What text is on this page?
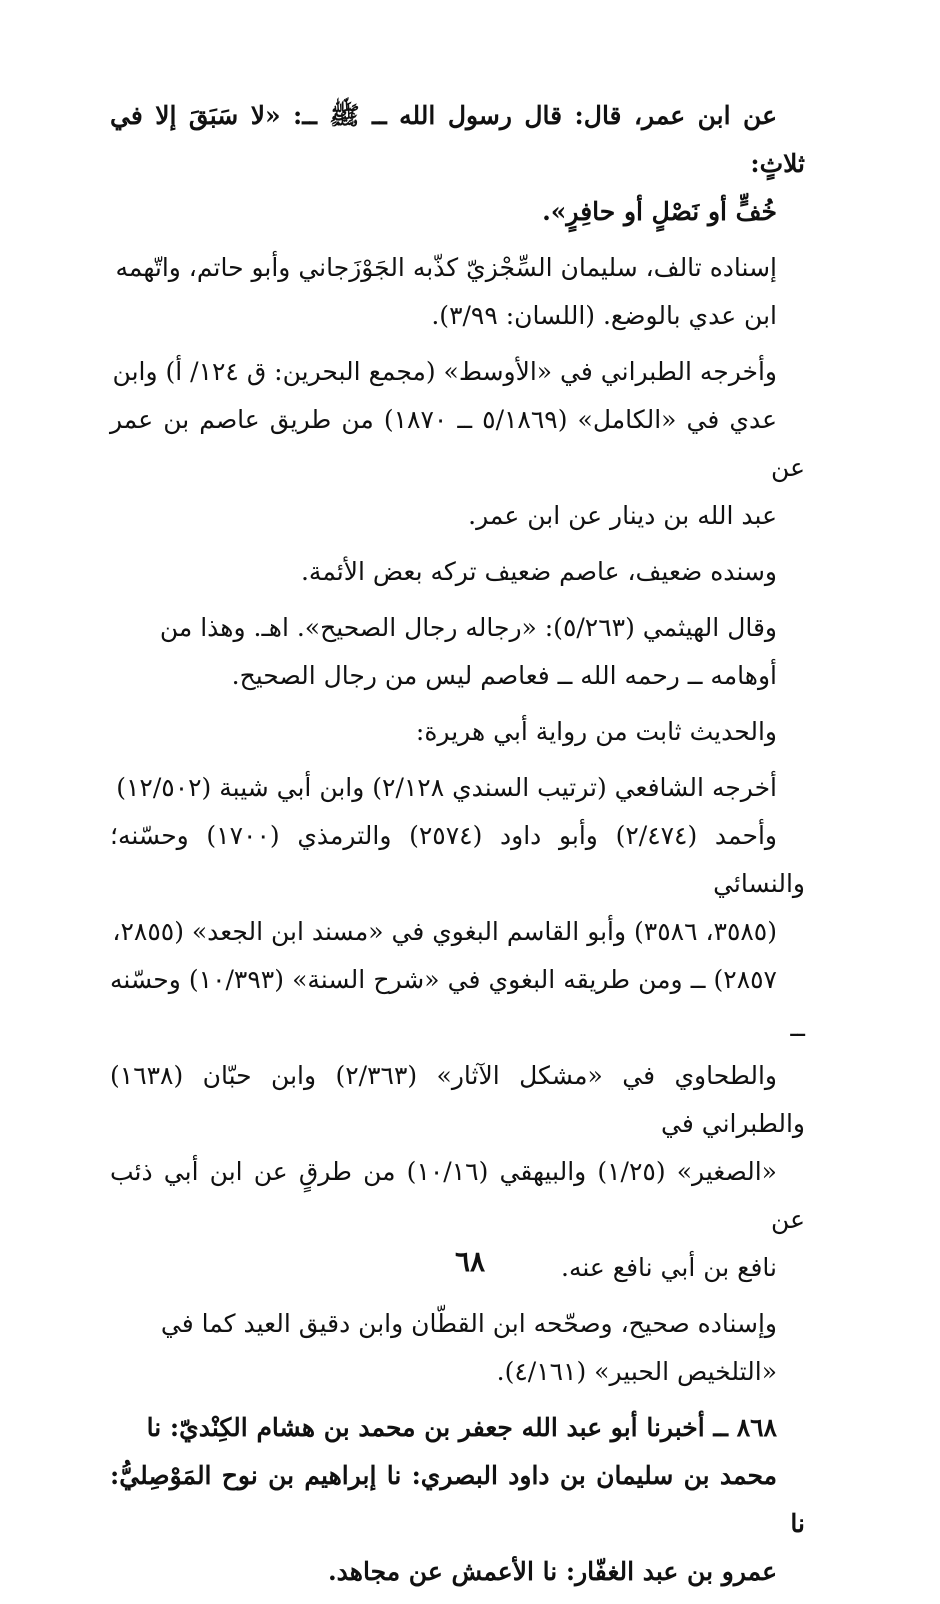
عن ابن عمر، قال: قال رسول الله ــ ﷺ ــ: «لا سَبَقَ إلا في ثلاثٍ:
خُفٍّ أو نَصْلٍ أو حافِرٍ».

إسناده تالف، سليمان السِّجْزيّ كذّبه الجَوْزَجاني وأبو حاتم، واتّهمه
ابن عدي بالوضع. (اللسان: ٣/٩٩).

وأخرجه الطبراني في «الأوسط» (مجمع البحرين: ق ١٢٤/ أ) وابن
عدي في «الكامل» (٥/١٨٦٩ ــ ١٨٧٠) من طريق عاصم بن عمر عن
عبد الله بن دينار عن ابن عمر.

وسنده ضعيف، عاصم ضعيف تركه بعض الأئمة.

وقال الهيثمي (٥/٢٦٣): «رجاله رجال الصحيح». اهـ. وهذا من
أوهامه ــ رحمه الله ــ فعاصم ليس من رجال الصحيح.

والحديث ثابت من رواية أبي هريرة:

أخرجه الشافعي (ترتيب السندي ٢/١٢٨) وابن أبي شيبة (١٢/٥٠٢)
وأحمد (٢/٤٧٤) وأبو داود (٢٥٧٤) والترمذي (١٧٠٠) وحسّنه؛ والنسائي
(٣٥٨٥، ٣٥٨٦) وأبو القاسم البغوي في «مسند ابن الجعد» (٢٨٥٥،
٢٨٥٧) ــ ومن طريقه البغوي في «شرح السنة» (١٠/٣٩٣) وحسّنه ــ
والطحاوي في «مشكل الآثار» (٢/٣٦٣) وابن حبّان (١٦٣٨) والطبراني في
«الصغير» (١/٢٥) والبيهقي (١٠/١٦) من طرقٍ عن ابن أبي ذئب عن
نافع بن أبي نافع عنه.

وإسناده صحيح، وصحّحه ابن القطّان وابن دقيق العيد كما في
«التلخيص الحبير» (٤/١٦١).

٨٦٨ ــ أخبرنا أبو عبد الله جعفر بن محمد بن هشام الكِنْديّ: نا
محمد بن سليمان بن داود البصري: نا إبراهيم بن نوح المَوْصِليُّ: نا
عمرو بن عبد الغفّار: نا الأعمش عن مجاهد.

٦٨
